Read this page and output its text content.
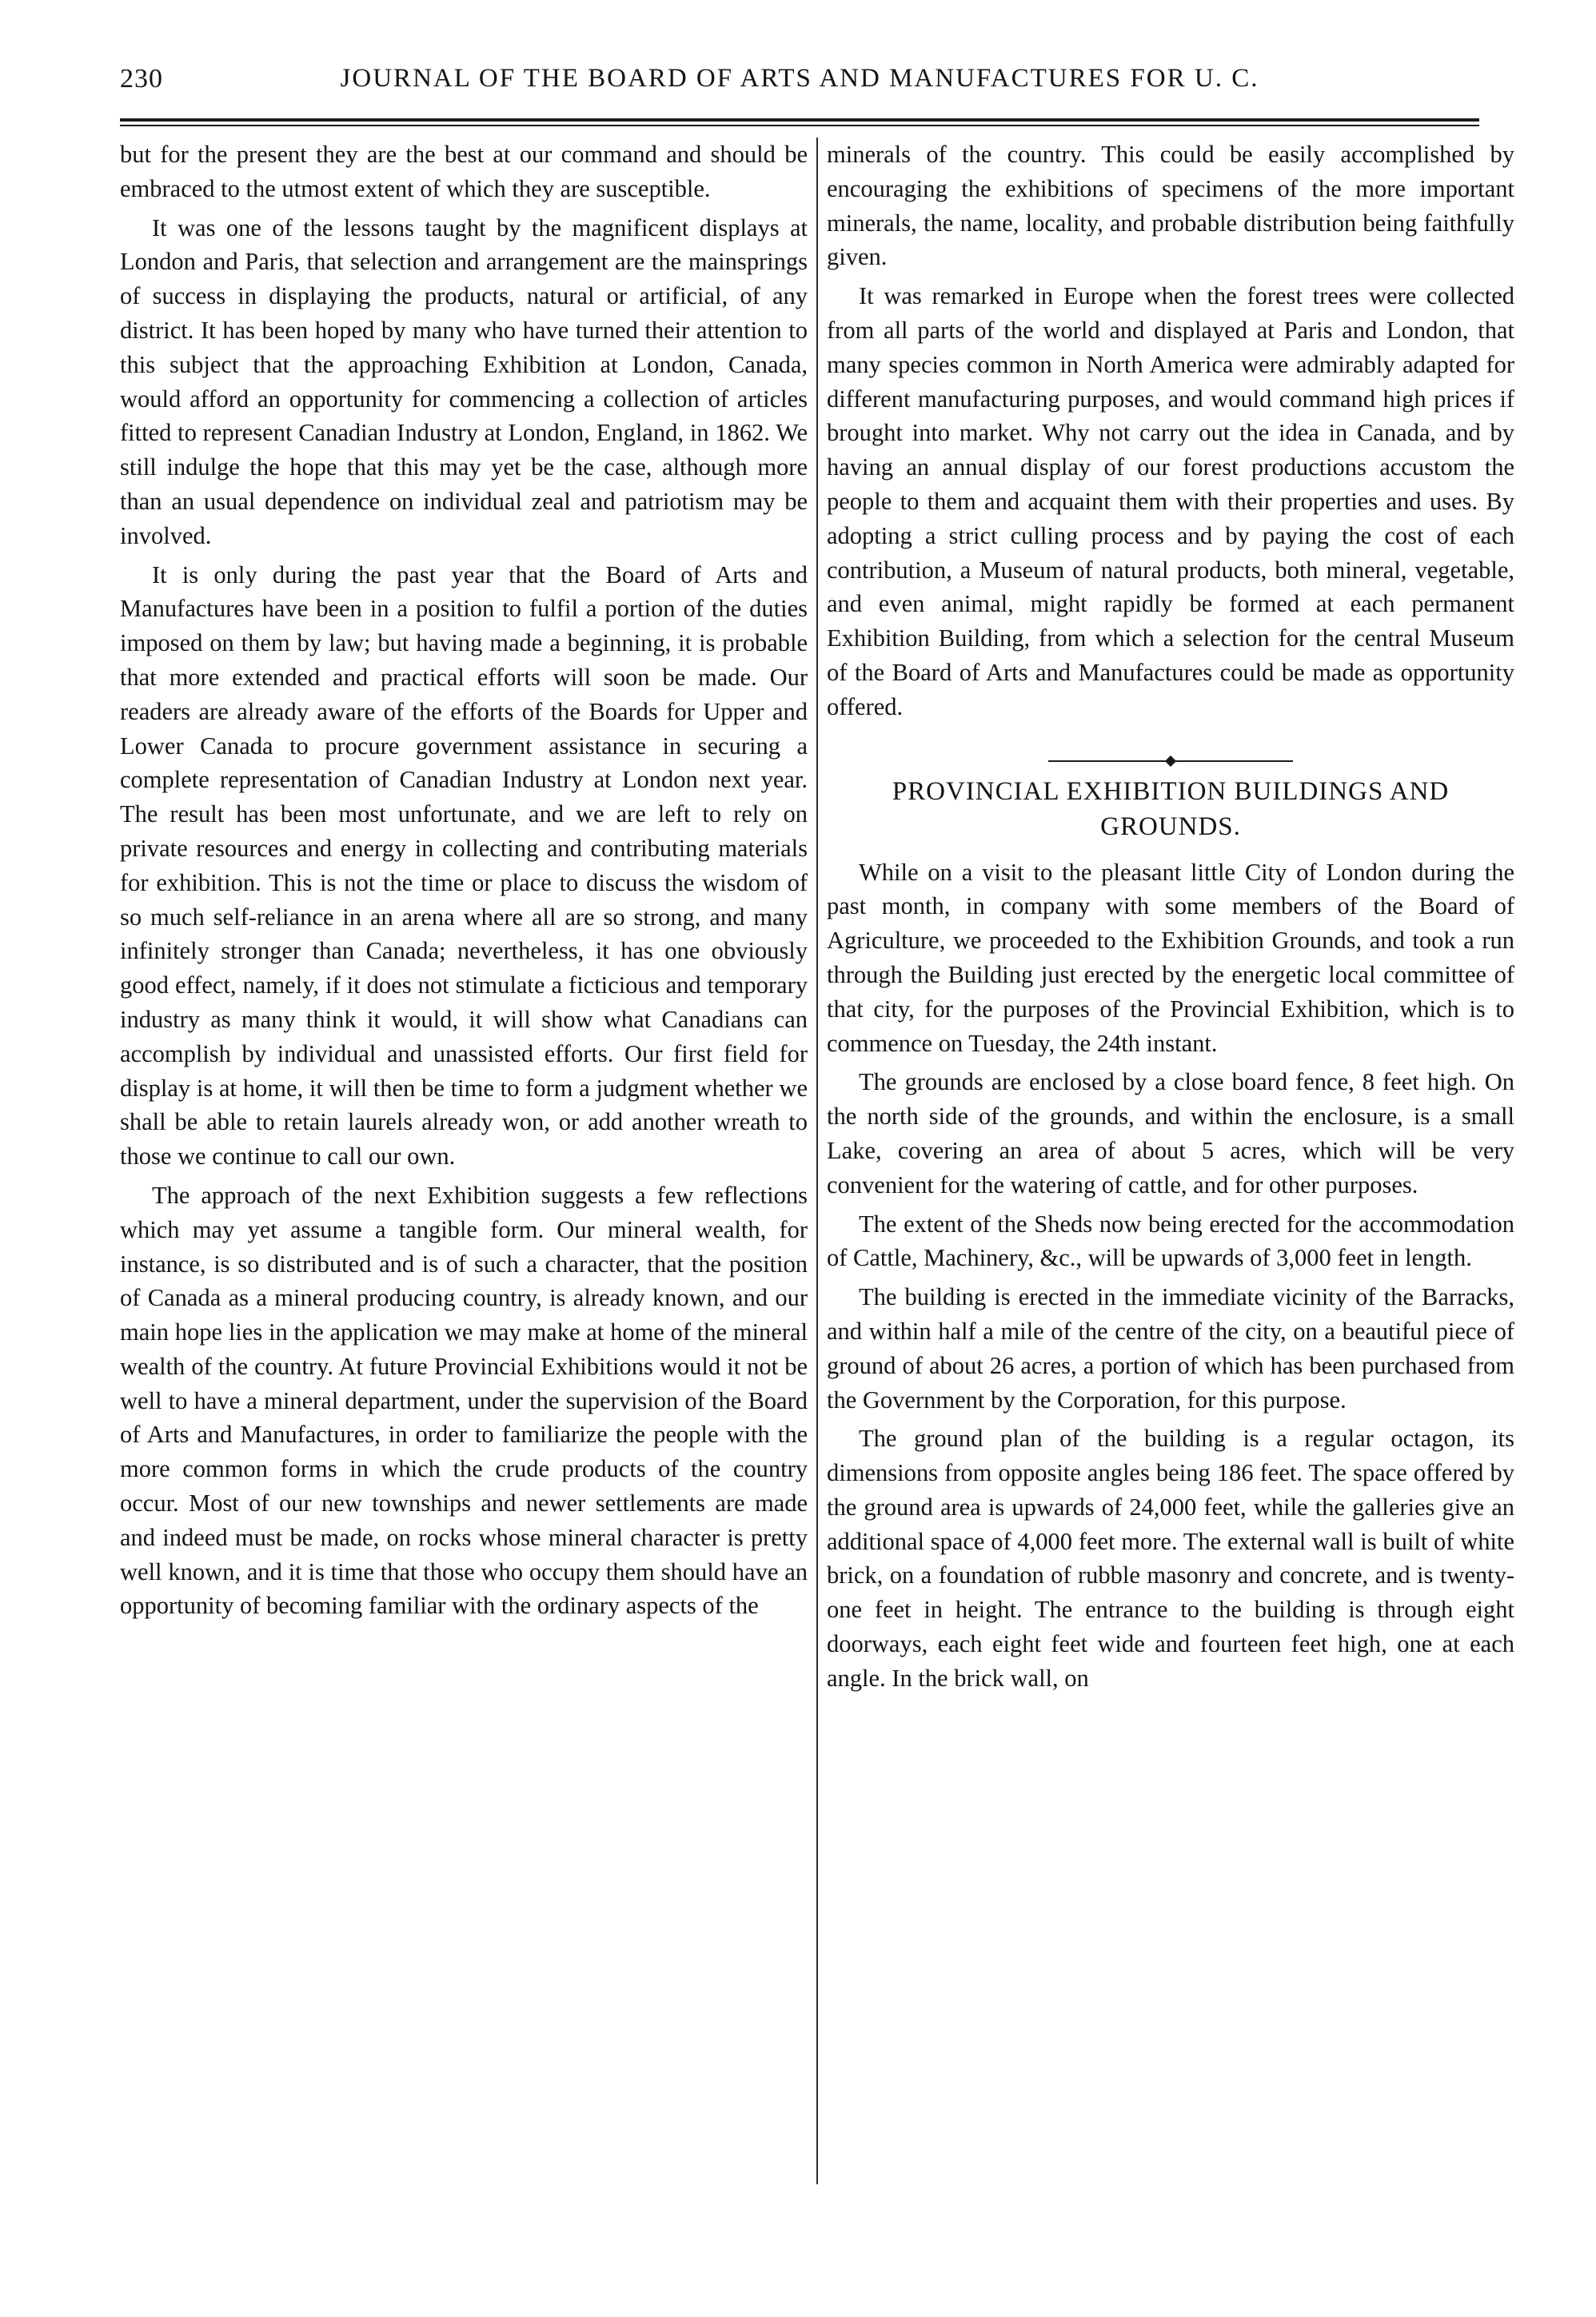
230	JOURNAL OF THE BOARD OF ARTS AND MANUFACTURES FOR U. C.

but for the present they are the best at our command and should be embraced to the utmost extent of which they are susceptible.

It was one of the lessons taught by the magnificent displays at London and Paris, that selection and arrangement are the mainsprings of success in displaying the products, natural or artificial, of any district. It has been hoped by many who have turned their attention to this subject that the approaching Exhibition at London, Canada, would afford an opportunity for commencing a collection of articles fitted to represent Canadian Industry at London, England, in 1862. We still indulge the hope that this may yet be the case, although more than an usual dependence on individual zeal and patriotism may be involved.

It is only during the past year that the Board of Arts and Manufactures have been in a position to fulfil a portion of the duties imposed on them by law; but having made a beginning, it is probable that more extended and practical efforts will soon be made. Our readers are already aware of the efforts of the Boards for Upper and Lower Canada to procure government assistance in securing a complete representation of Canadian Industry at London next year. The result has been most unfortunate, and we are left to rely on private resources and energy in collecting and contributing materials for exhibition. This is not the time or place to discuss the wisdom of so much self-reliance in an arena where all are so strong, and many infinitely stronger than Canada; nevertheless, it has one obviously good effect, namely, if it does not stimulate a ficticious and temporary industry as many think it would, it will show what Canadians can accomplish by individual and unassisted efforts. Our first field for display is at home, it will then be time to form a judgment whether we shall be able to retain laurels already won, or add another wreath to those we continue to call our own.

The approach of the next Exhibition suggests a few reflections which may yet assume a tangible form. Our mineral wealth, for instance, is so distributed and is of such a character, that the position of Canada as a mineral producing country, is already known, and our main hope lies in the application we may make at home of the mineral wealth of the country. At future Provincial Exhibitions would it not be well to have a mineral department, under the supervision of the Board of Arts and Manufactures, in order to familiarize the people with the more common forms in which the crude products of the country occur. Most of our new townships and newer settlements are made and indeed must be made, on rocks whose mineral character is pretty well known, and it is time that those who occupy them should have an opportunity of becoming familiar with the ordinary aspects of the

minerals of the country. This could be easily accomplished by encouraging the exhibitions of specimens of the more important minerals, the name, locality, and probable distribution being faithfully given.

It was remarked in Europe when the forest trees were collected from all parts of the world and displayed at Paris and London, that many species common in North America were admirably adapted for different manufacturing purposes, and would command high prices if brought into market. Why not carry out the idea in Canada, and by having an annual display of our forest productions accustom the people to them and acquaint them with their properties and uses. By adopting a strict culling process and by paying the cost of each contribution, a Museum of natural products, both mineral, vegetable, and even animal, might rapidly be formed at each permanent Exhibition Building, from which a selection for the central Museum of the Board of Arts and Manufactures could be made as opportunity offered.

PROVINCIAL EXHIBITION BUILDINGS AND GROUNDS.

While on a visit to the pleasant little City of London during the past month, in company with some members of the Board of Agriculture, we proceeded to the Exhibition Grounds, and took a run through the Building just erected by the energetic local committee of that city, for the purposes of the Provincial Exhibition, which is to commence on Tuesday, the 24th instant.

The grounds are enclosed by a close board fence, 8 feet high. On the north side of the grounds, and within the enclosure, is a small Lake, covering an area of about 5 acres, which will be very convenient for the watering of cattle, and for other purposes.

The extent of the Sheds now being erected for the accommodation of Cattle, Machinery, &c., will be upwards of 3,000 feet in length.

The building is erected in the immediate vicinity of the Barracks, and within half a mile of the centre of the city, on a beautiful piece of ground of about 26 acres, a portion of which has been purchased from the Government by the Corporation, for this purpose.

The ground plan of the building is a regular octagon, its dimensions from opposite angles being 186 feet. The space offered by the ground area is upwards of 24,000 feet, while the galleries give an additional space of 4,000 feet more. The external wall is built of white brick, on a foundation of rubble masonry and concrete, and is twenty-one feet in height. The entrance to the building is through eight doorways, each eight feet wide and fourteen feet high, one at each angle. In the brick wall, on
